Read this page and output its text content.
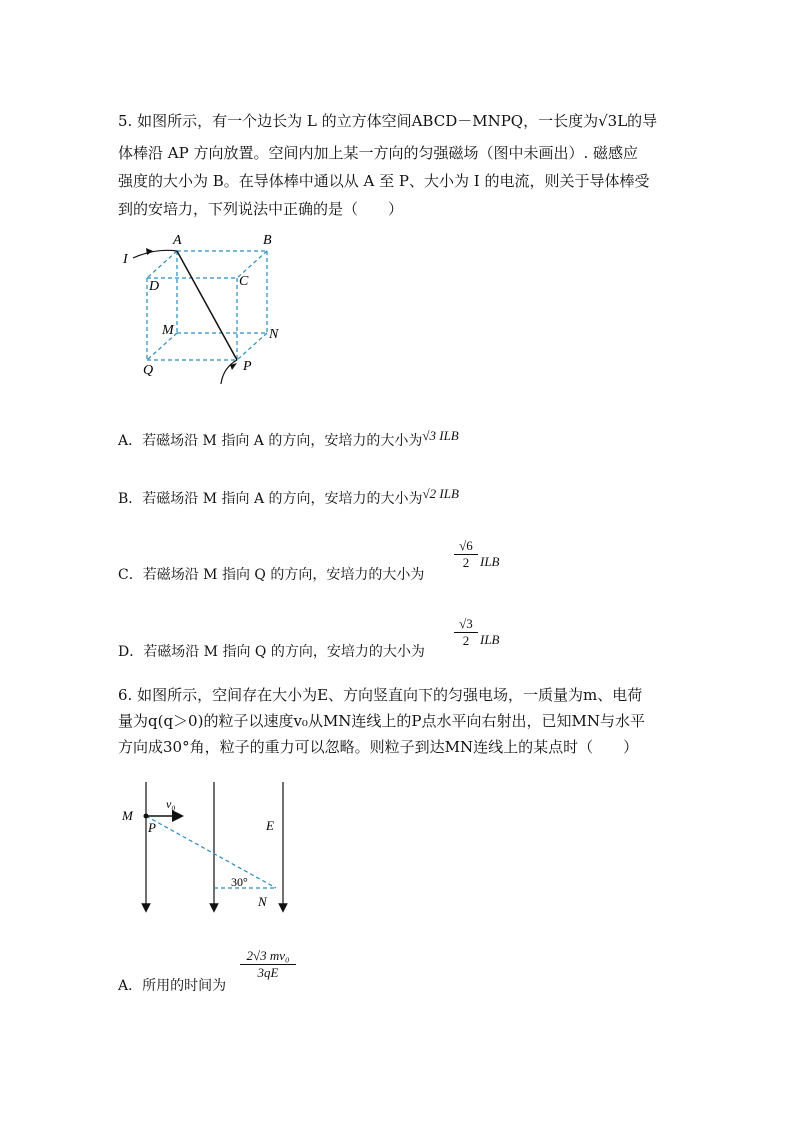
5. 如图所示，有一个边长为 L 的立方体空间ABCD－MNPQ，一长度为√3L的导

体棒沿 AP 方向放置。空间内加上某一方向的匀强磁场（图中未画出）. 磁感应

强度的大小为 B。在导体棒中通以从 A 至 P、大小为 I 的电流，则关于导体棒受

到的安培力，下列说法中正确的是（　　）

A	B
C
D
M	N
P
Q
I
A．若磁场沿 M 指向 A 的方向，安培力的大小为√3 ILB
B．若磁场沿 M 指向 A 的方向，安培力的大小为√2 ILB
C．若磁场沿 M 指向 Q 的方向，安培力的大小为
$\frac{√6}{2}$ ILB
D．若磁场沿 M 指向 Q 的方向，安培力的大小为
$\frac{√3}{2}$ ILB

6. 如图所示，空间存在大小为E、方向竖直向下的匀强电场，一质量为m、电荷

量为q(q＞0)的粒子以速度v₀从MN连线上的P点水平向右射出，已知MN与水平

方向成30°角，粒子的重力可以忽略。则粒子到达MN连线上的某点时（　　）

M
P
v₀
E
N
30°
A．所用的时间为
$\frac{\text{2√3 mv₀}}{3qE}$
